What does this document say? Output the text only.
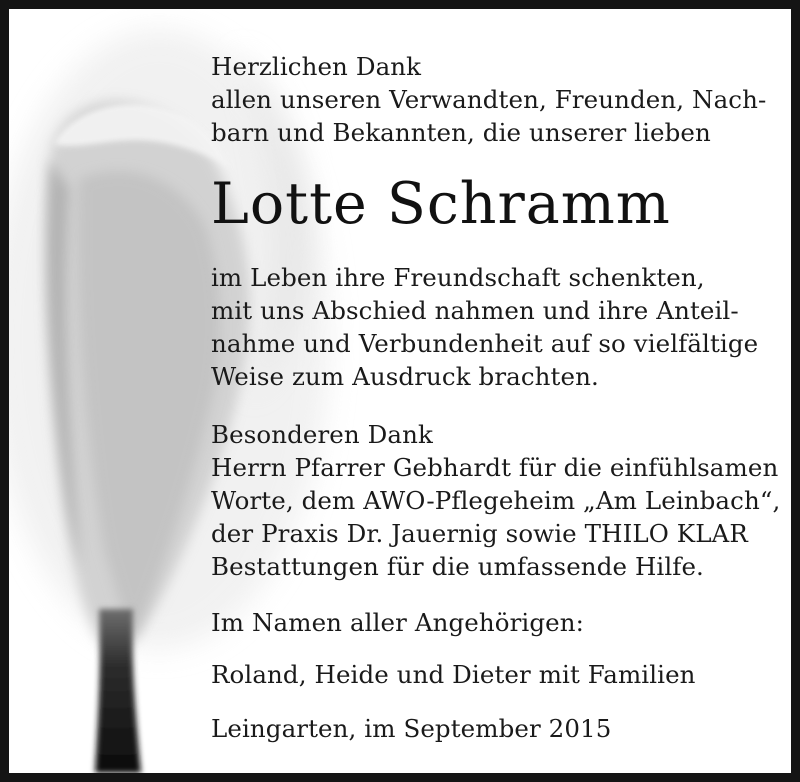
Herzlichen Dank
allen unseren Verwandten, Freunden, Nach-
barn und Bekannten, die unserer lieben
Lotte Schramm
im Leben ihre Freundschaft schenkten,
mit uns Abschied nahmen und ihre Anteil-
nahme und Verbundenheit auf so vielfältige
Weise zum Ausdruck brachten.
Besonderen Dank
Herrn Pfarrer Gebhardt für die einfühlsamen
Worte, dem AWO-Pflegeheim „Am Leinbach“,
der Praxis Dr. Jauernig sowie THILO KLAR
Bestattungen für die umfassende Hilfe.
Im Namen aller Angehörigen:
Roland, Heide und Dieter mit Familien
Leingarten, im September 2015
